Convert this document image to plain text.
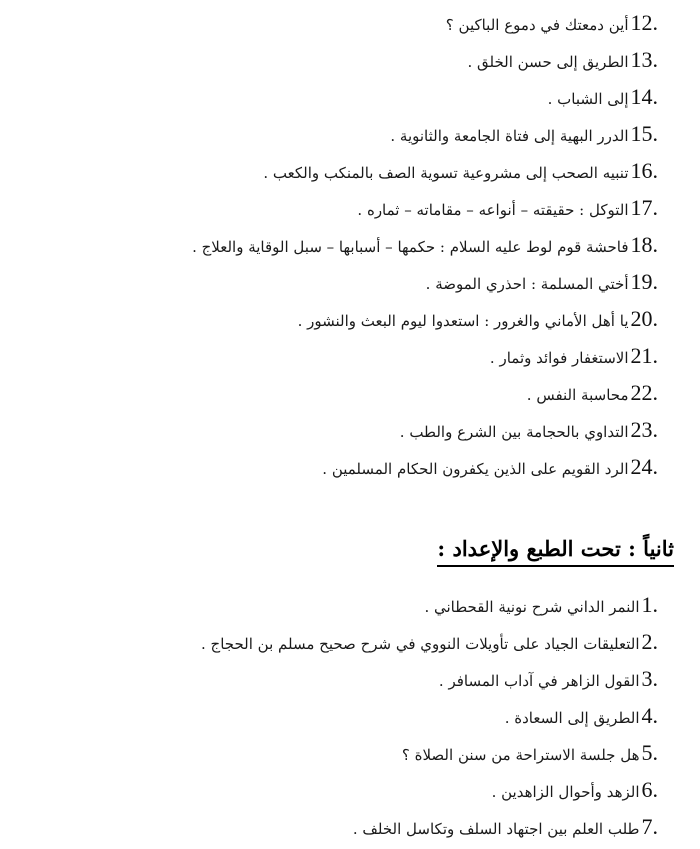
12.
أين دمعتك في دموع الباكين ؟
13.
الطريق إلى حسن الخلق .
14.
إلى الشباب .
15.
الدرر البهية إلى فتاة الجامعة والثانوية .
16.
تنبيه الصحب إلى مشروعية تسوية الصف بالمنكب والكعب .
17.
التوكل : حقيقته – أنواعه – مقاماته – ثماره .
18.
فاحشة قوم لوط عليه السلام : حكمها – أسبابها – سبل الوقاية والعلاج .
19.
أختي المسلمة : احذري الموضة .
20.
يا أهل الأماني والغرور : استعدوا ليوم البعث والنشور .
21.
الاستغفار فوائد وثمار .
22.
محاسبة النفس .
23.
التداوي بالحجامة بين الشرع والطب .
24.
الرد القويم على الذين يكفرون الحكام المسلمين .
ثانياً : تحت الطبع والإعداد :
1.
النمر الداني شرح نونية القحطاني .
2.
التعليقات الجياد على تأويلات النووي في شرح صحيح مسلم بن الحجاج .
3.
القول الزاهر في آداب المسافر .
4.
الطريق إلى السعادة .
5.
هل جلسة الاستراحة من سنن الصلاة ؟
6.
الزهد وأحوال الزاهدين .
7.
طلب العلم بين اجتهاد السلف وتكاسل الخلف .
